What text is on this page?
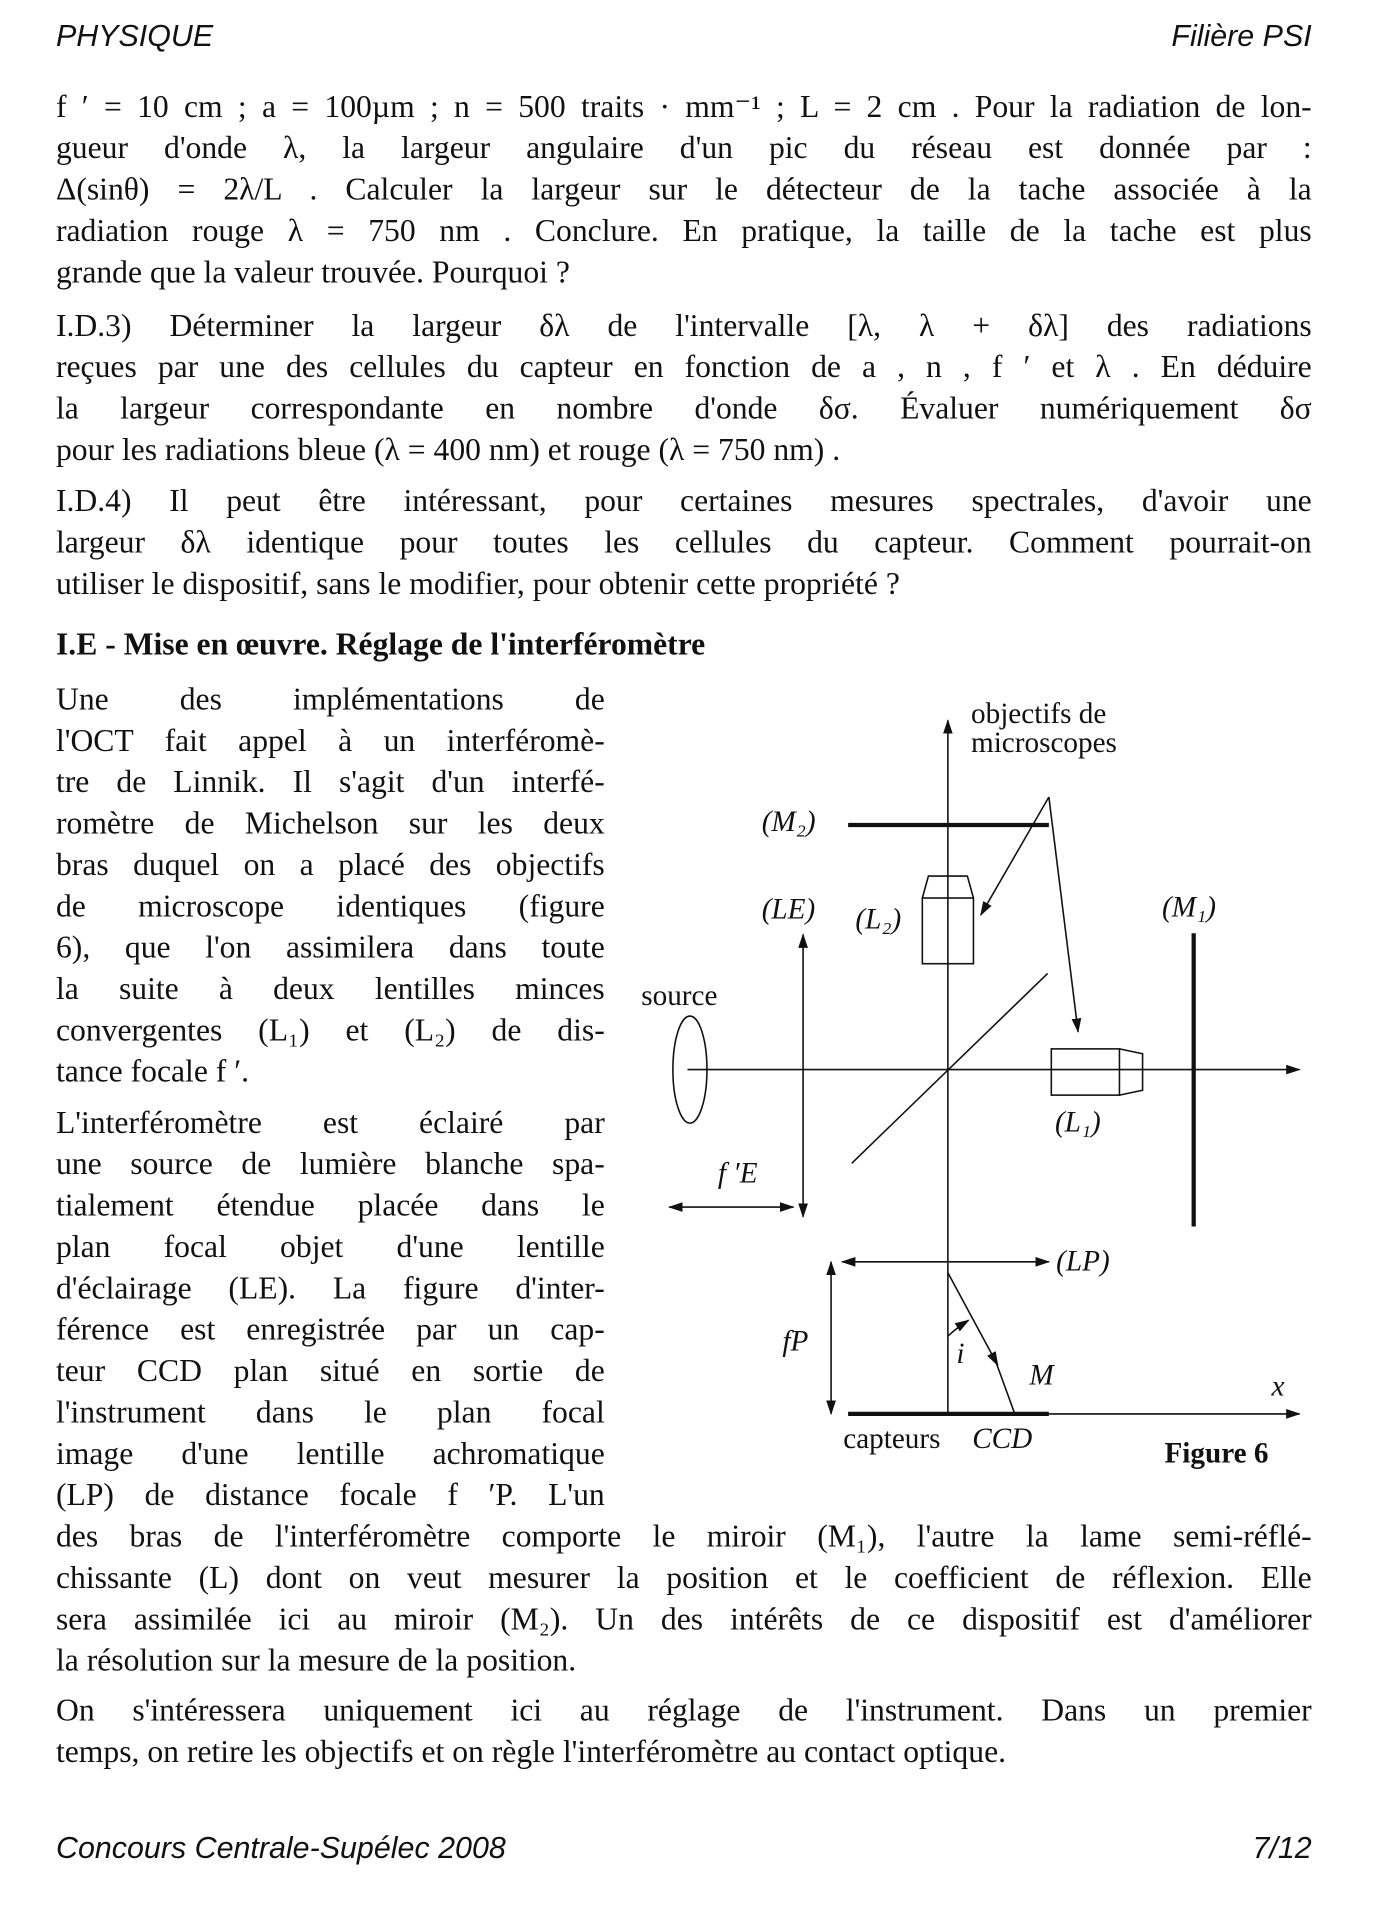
PHYSIQUE	Filière PSI
f ′ = 10 cm ; a = 100µm ; n = 500 traits · mm⁻¹ ; L = 2 cm . Pour la radiation de lon-
gueur d'onde λ, la largeur angulaire d'un pic du réseau est donnée par :
Δ(sinθ) = 2λ/L . Calculer la largeur sur le détecteur de la tache associée à la
radiation rouge λ = 750 nm . Conclure. En pratique, la taille de la tache est plus
grande que la valeur trouvée. Pourquoi ?
I.D.3) Déterminer la largeur δλ de l'intervalle [λ, λ + δλ] des radiations
reçues par une des cellules du capteur en fonction de a , n , f ′ et λ . En déduire
la largeur correspondante en nombre d'onde δσ. Évaluer numériquement δσ
pour les radiations bleue (λ = 400 nm) et rouge (λ = 750 nm) .
I.D.4) Il peut être intéressant, pour certaines mesures spectrales, d'avoir une
largeur δλ identique pour toutes les cellules du capteur. Comment pourrait-on
utiliser le dispositif, sans le modifier, pour obtenir cette propriété ?
I.E - Mise en œuvre. Réglage de l'interféromètre
Une des implémentations de
l'OCT fait appel à un interféromè-
tre de Linnik. Il s'agit d'un interfé-
romètre de Michelson sur les deux
bras duquel on a placé des objectifs
de microscope identiques (figure
6), que l'on assimilera dans toute
la suite à deux lentilles minces
convergentes (L₁) et (L₂) de dis-
tance focale f ′.
L'interféromètre est éclairé par
une source de lumière blanche spa-
tialement étendue placée dans le
plan focal objet d'une lentille
d'éclairage (LE). La figure d'inter-
férence est enregistrée par un cap-
teur CCD plan situé en sortie de
l'instrument dans le plan focal
image d'une lentille achromatique
(LP) de distance focale f ′P. L'un
des bras de l'interféromètre comporte le miroir (M₁), l'autre la lame semi-réflé-
chissante (L) dont on veut mesurer la position et le coefficient de réflexion. Elle
sera assimilée ici au miroir (M₂). Un des intérêts de ce dispositif est d'améliorer
la résolution sur la mesure de la position.
On s'intéressera uniquement ici au réglage de l'instrument. Dans un premier
temps, on retire les objectifs et on règle l'interféromètre au contact optique.
objectifs de
microscopes
(M₂)
(LE) (L₂)	(M₁)
source
(L₁)
f ′E
(LP)
fP	i
M	x
capteurs CCD	Figure 6
Concours Centrale-Supélec 2008	7/12
